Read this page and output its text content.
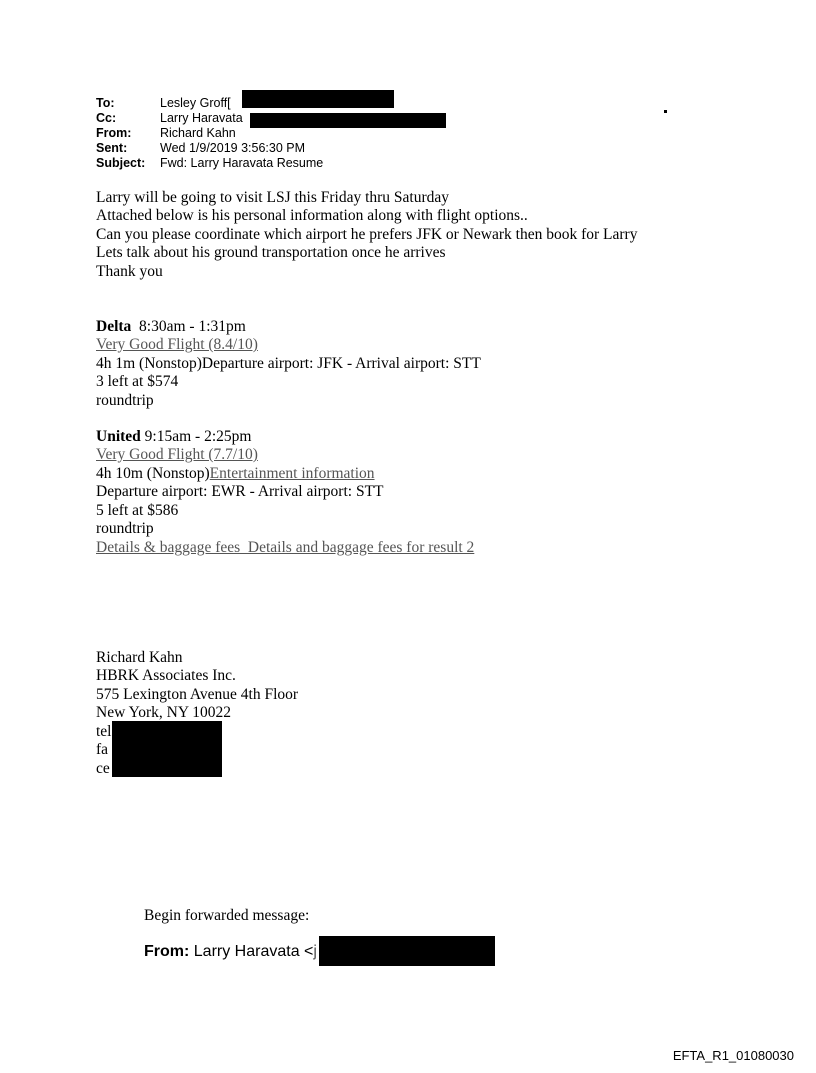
To:	Lesley Groff[
Cc:	Larry Haravata
From: Richard Kahn
Sent:	Wed 1/9/2019 3:56:30 PM
Subject: Fwd: Larry Haravata Resume
Larry will be going to visit LSJ this Friday thru Saturday
Attached below is his personal information along with flight options..
Can you please coordinate which airport he prefers JFK or Newark then book for Larry
Lets talk about his ground transportation once he arrives
Thank you
Delta  8:30am - 1:31pm
Very Good Flight (8.4/10)
4h 1m (Nonstop)Departure airport: JFK - Arrival airport: STT
3 left at $574
roundtrip
United 9:15am - 2:25pm
Very Good Flight (7.7/10)
4h 10m (Nonstop)Entertainment information
Departure airport: EWR - Arrival airport: STT
5 left at $586
roundtrip
Details & baggage fees  Details and baggage fees for result 2
Richard Kahn
HBRK Associates Inc.
575 Lexington Avenue 4th Floor
New York, NY 10022
tel
fa
ce
Begin forwarded message:
From: Larry Haravata <j
EFTA_R1_01080030
